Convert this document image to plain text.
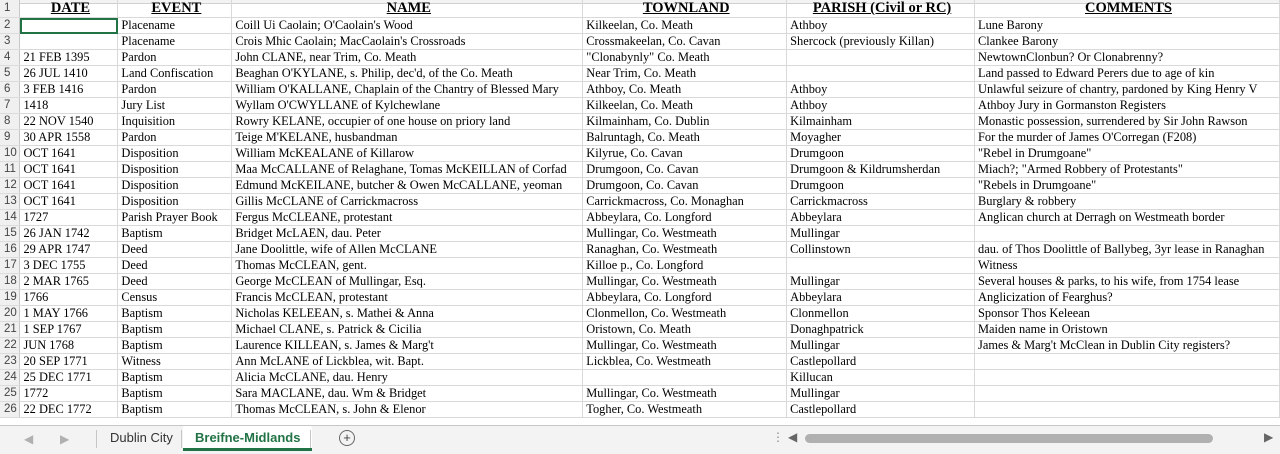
1	DATE	EVENT	NAME	TOWNLAND	PARISH (Civil or RC)	COMMENTS
2		Placename	Coill Ui Caolain; O'Caolain's Wood	Kilkeelan, Co. Meath	Athboy	Lune Barony
3		Placename	Crois Mhic Caolain; MacCaolain's Crossroads	Crossmakeelan, Co. Cavan	Shercock (previously Killan)	Clankee Barony
4	21 FEB 1395	Pardon	John CLANE, near Trim, Co. Meath	"Clonabynly" Co. Meath		NewtownClonbun? Or Clonabrenny?
5	26 JUL 1410	Land Confiscation	Beaghan O'KYLANE, s. Philip, dec'd, of the Co. Meath	Near Trim, Co. Meath		Land passed to Edward Perers due to age of kin
6	3 FEB 1416	Pardon	William O'KALLANE, Chaplain of the Chantry of Blessed Mary	Athboy, Co. Meath	Athboy	Unlawful seizure of chantry, pardoned by King Henry V
7	1418	Jury List	Wyllam O'CWYLLANE of Kylchewlane	Kilkeelan, Co. Meath	Athboy	Athboy Jury in Gormanston Registers
8	22 NOV 1540	Inquisition	Rowry KELANE, occupier of one house on priory land	Kilmainham, Co. Dublin	Kilmainham	Monastic possession, surrendered by Sir John Rawson
9	30 APR 1558	Pardon	Teige M'KELANE, husbandman	Balruntagh, Co. Meath	Moyagher	For the murder of James O'Corregan (F208)
10	OCT 1641	Disposition	William McKEALANE of Killarow	Kilyrue, Co. Cavan	Drumgoon	"Rebel in Drumgoane"
11	OCT 1641	Disposition	Maa McCALLANE of Relaghane, Tomas McKEILLAN of Corfad	Drumgoon, Co. Cavan	Drumgoon & Kildrumsherdan	Miach?; "Armed Robbery of Protestants"
12	OCT 1641	Disposition	Edmund McKEILANE, butcher & Owen McCALLANE, yeoman	Drumgoon, Co. Cavan	Drumgoon	"Rebels in Drumgoane"
13	OCT 1641	Disposition	Gillis McCLANE of Carrickmacross	Carrickmacross, Co. Monaghan	Carrickmacross	Burglary & robbery
14	1727	Parish Prayer Book	Fergus McCLEANE, protestant	Abbeylara, Co. Longford	Abbeylara	Anglican church at Derragh on Westmeath border
15	26 JAN 1742	Baptism	Bridget McLAEN, dau. Peter	Mullingar, Co. Westmeath	Mullingar	
16	29 APR 1747	Deed	Jane Doolittle, wife of Allen McCLANE	Ranaghan, Co. Westmeath	Collinstown	dau. of Thos Doolittle of Ballybeg, 3yr lease in Ranaghan
17	3 DEC 1755	Deed	Thomas McCLEAN, gent.	Killoe p., Co. Longford		Witness
18	2 MAR 1765	Deed	George McCLEAN of Mullingar, Esq.	Mullingar, Co. Westmeath	Mullingar	Several houses & parks, to his wife, from 1754 lease
19	1766	Census	Francis McCLEAN, protestant	Abbeylara, Co. Longford	Abbeylara	Anglicization of Fearghus?
20	1 MAY 1766	Baptism	Nicholas KELEEAN, s. Mathei & Anna	Clonmellon, Co. Westmeath	Clonmellon	Sponsor Thos Keleean
21	1 SEP 1767	Baptism	Michael CLANE, s. Patrick & Cicilia	Oristown, Co. Meath	Donaghpatrick	Maiden name in Oristown
22	JUN 1768	Baptism	Laurence KILLEAN, s. James & Marg't	Mullingar, Co. Westmeath	Mullingar	James & Marg't McClean in Dublin City registers?
23	20 SEP 1771	Witness	Ann McLANE of Lickblea, wit. Bapt.	Lickblea, Co. Westmeath	Castlepollard	
24	25 DEC 1771	Baptism	Alicia McCLANE, dau. Henry		Killucan	
25	1772	Baptism	Sara MACLANE, dau. Wm & Bridget	Mullingar, Co. Westmeath	Mullingar	
26	22 DEC 1772	Baptism	Thomas McCLEAN, s. John & Elenor	Togher, Co. Westmeath	Castlepollard	
◀ ▶	Dublin City	Breifne-Midlands	+	⋮ ◀	▶
